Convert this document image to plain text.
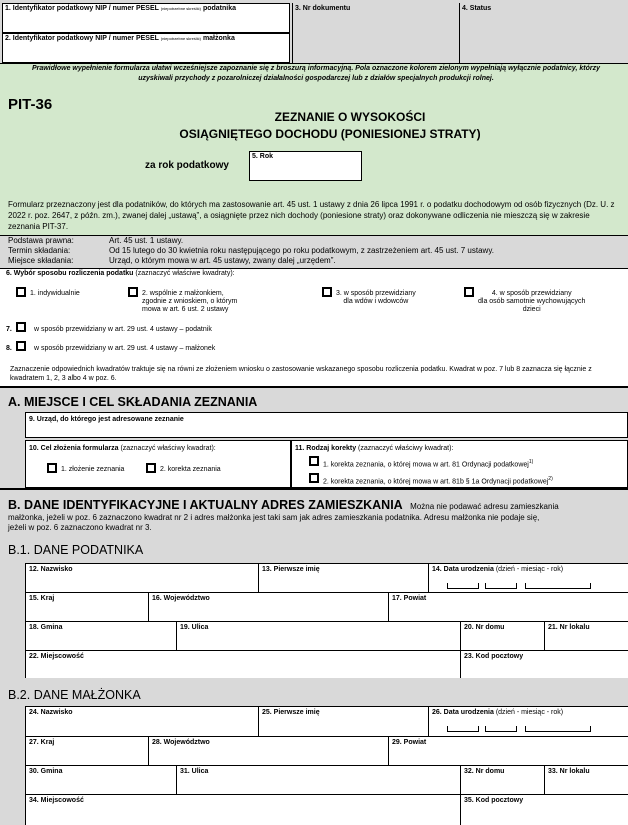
1. Identyfikator podatkowy NIP / numer PESEL (niepotrzebne skreślić) podatnika
2. Identyfikator podatkowy NIP / numer PESEL (niepotrzebne skreślić) małżonka
3. Nr dokumentu	4. Status
Prawidłowe wypełnienie formularza ułatwi wcześniejsze zapoznanie się z broszurą informacyjną. Pola oznaczone kolorem zielonym wypełniają wyłącznie podatnicy, którzy uzyskiwali przychody z pozarolniczej działalności gospodarczej lub z działów specjalnych produkcji rolnej.
PIT-36
ZEZNANIE O WYSOKOŚCI
OSIĄGNIĘTEGO DOCHODU (PONIESIONEJ STRATY)
za rok podatkowy
5. Rok
Formularz przeznaczony jest dla podatników, do których ma zastosowanie art. 45 ust. 1 ustawy z dnia 26 lipca 1991 r. o podatku dochodowym od osób fizycznych (Dz. U. z 2022 r. poz. 2647, z późn. zm.), zwanej dalej „ustawą”, a osiągnięte przez nich dochody (poniesione straty) oraz dokonywane odliczenia nie mieszczą się w zakresie zeznania PIT-37.
Podstawa prawna:	Art. 45 ust. 1 ustawy.
Termin składania:	Od 15 lutego do 30 kwietnia roku następującego po roku podatkowym, z zastrzeżeniem art. 45 ust. 7 ustawy.
Miejsce składania:	Urząd, o którym mowa w art. 45 ustawy, zwany dalej „urzędem”.
6. Wybór sposobu rozliczenia podatku (zaznaczyć właściwe kwadraty):
1. indywidualnie	2. wspólnie z małżonkiem,
zgodnie z wnioskiem, o którym
mowa w art. 6 ust. 2 ustawy
3. w sposób przewidziany
dla wdów i wdowców
4. w sposób przewidziany
dla osób samotnie wychowujących
dzieci
7.	w sposób przewidziany w art. 29 ust. 4 ustawy – podatnik
8.	w sposób przewidziany w art. 29 ust. 4 ustawy – małżonek
Zaznaczenie odpowiednich kwadratów traktuje się na równi ze złożeniem wniosku o zastosowanie wskazanego sposobu rozliczenia podatku. Kwadrat w poz. 7 lub 8 zaznacza się łącznie z kwadratem 1, 2, 3 albo 4 w poz. 6.
A. MIEJSCE I CEL SKŁADANIA ZEZNANIA
9. Urząd, do którego jest adresowane zeznanie
10. Cel złożenia formularza (zaznaczyć właściwy kwadrat):
1. złożenie zeznania	2. korekta zeznania
11. Rodzaj korekty (zaznaczyć właściwy kwadrat):
1. korekta zeznania, o której mowa w art. 81 Ordynacji podatkowej$^{1)}$
2. korekta zeznania, o której mowa w art. 81b § 1a Ordynacji podatkowej$^{2)}$
B. DANE IDENTYFIKACYJNE I AKTUALNY ADRES ZAMIESZKANIA Można nie podawać adresu zamieszkania
małżonka, jeżeli w poz. 6 zaznaczono kwadrat nr 2 i adres małżonka jest taki sam jak adres zamieszkania podatnika. Adresu małżonka nie podaje się,
jeżeli w poz. 6 zaznaczono kwadrat nr 3.
B.1. DANE PODATNIKA
12. Nazwisko	13. Pierwsze imię	14. Data urodzenia (dzień - miesiąc - rok)
15. Kraj	16. Województwo	17. Powiat
18. Gmina	19. Ulica	20. Nr domu	21. Nr lokalu
22. Miejscowość	23. Kod pocztowy
B.2. DANE MAŁŻONKA
24. Nazwisko	25. Pierwsze imię	26. Data urodzenia (dzień - miesiąc - rok)
27. Kraj	28. Województwo	29. Powiat
30. Gmina	31. Ulica	32. Nr domu	33. Nr lokalu
34. Miejscowość	35. Kod pocztowy
